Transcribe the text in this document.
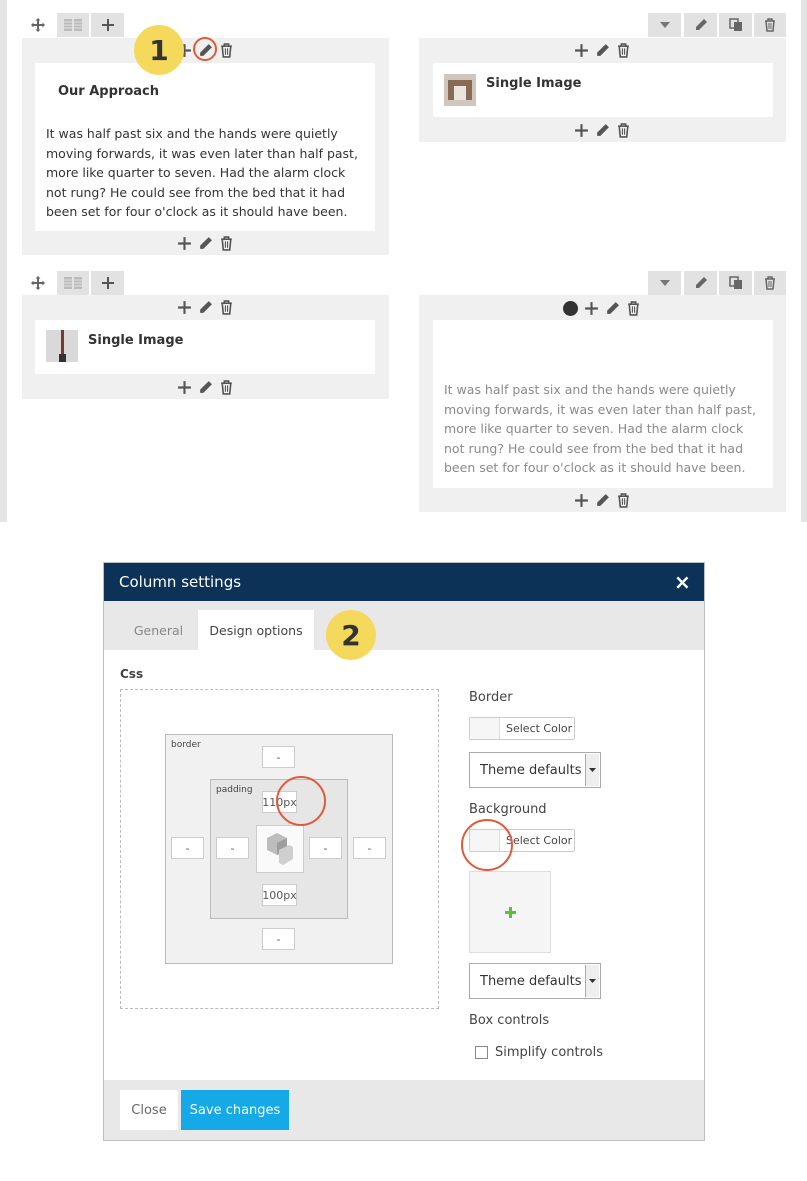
Our Approach
It was half past six and the hands were quietly moving forwards, it was even later than half past, more like quarter to seven. Had the alarm clock not rung? He could see from the bed that it had been set for four o'clock as it should have been.
Single Image
Single Image
It was half past six and the hands were quietly moving forwards, it was even later than half past, more like quarter to seven. Had the alarm clock not rung? He could see from the bed that it had been set for four o'clock as it should have been.
1
Column settings	×
General	Design options	2
Css
border
-
-	-
-
padding
-	-
110px
100px
Border
Select Color
Theme defaults
Background
Select Color
Theme defaults
Box controls
Simplify controls
Close	Save changes
